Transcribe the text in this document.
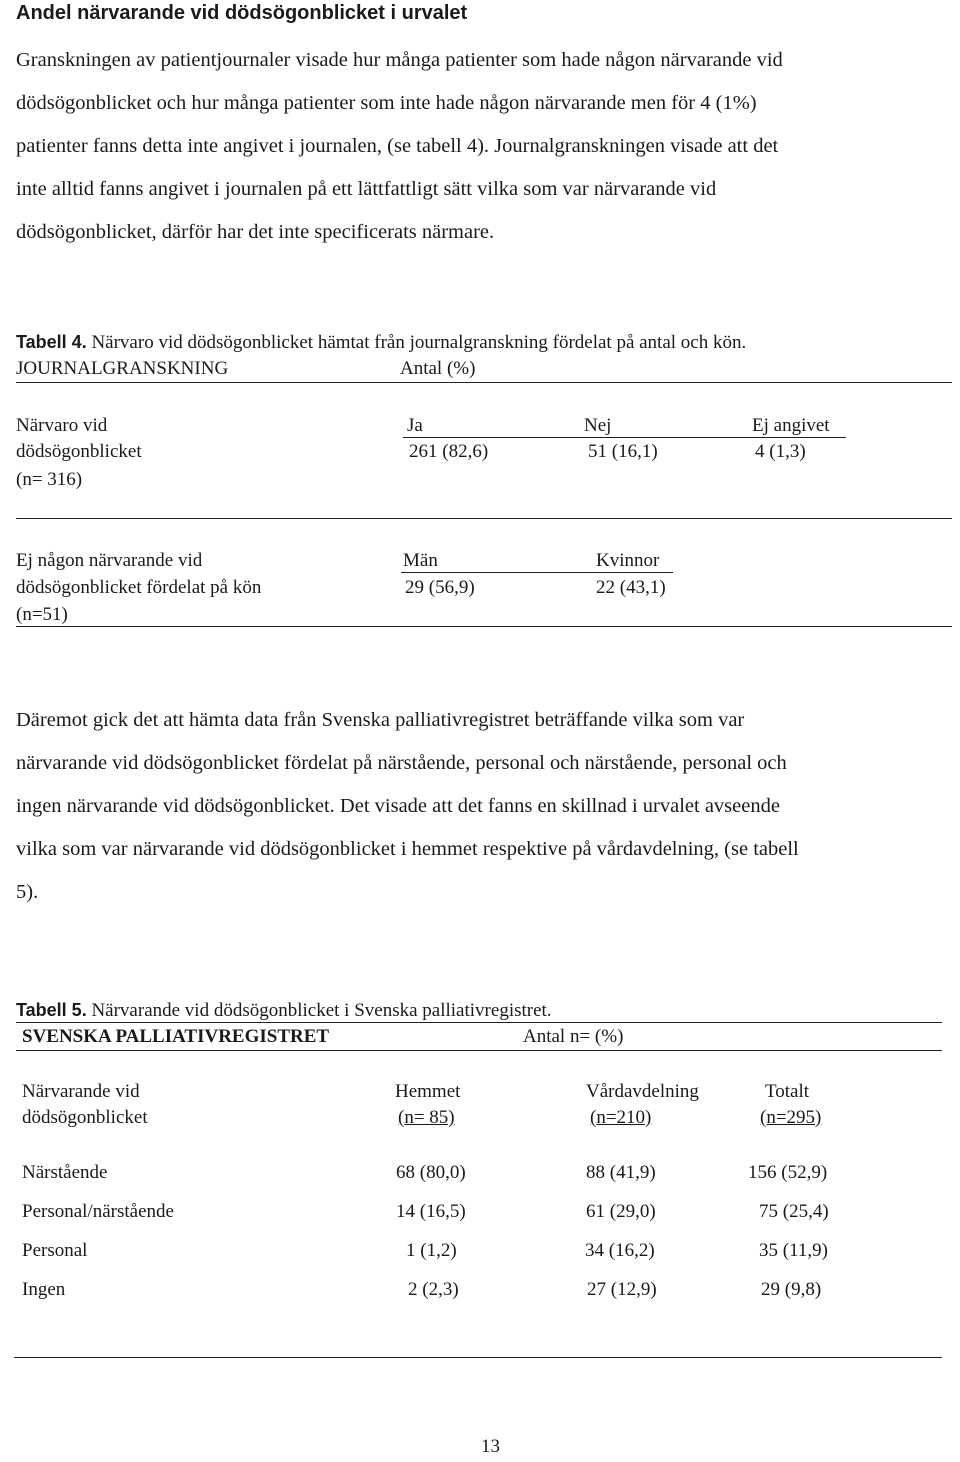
Andel närvarande vid dödsögonblicket i urvalet
Granskningen av patientjournaler visade hur många patienter som hade någon närvarande vid
dödsögonblicket och hur många patienter som inte hade någon närvarande men för 4 (1%)
patienter fanns detta inte angivet i journalen, (se tabell 4). Journalgranskningen visade att det
inte alltid fanns angivet i journalen på ett lättfattligt sätt vilka som var närvarande vid
dödsögonblicket, därför har det inte specificerats närmare.
Tabell 4. Närvaro vid dödsögonblicket hämtat från journalgranskning fördelat på antal och kön.
JOURNALGRANSKNING	Antal (%)
Närvaro vid
dödsögonblicket
(n= 316)
Ja	Nej	Ej angivet
261 (82,6)	51 (16,1)	4 (1,3)
Ej någon närvarande vid
dödsögonblicket fördelat på kön
(n=51)
Män	Kvinnor
29 (56,9)	22 (43,1)
Däremot gick det att hämta data från Svenska palliativregistret beträffande vilka som var
närvarande vid dödsögonblicket fördelat på närstående, personal och närstående, personal och
ingen närvarande vid dödsögonblicket. Det visade att det fanns en skillnad i urvalet avseende
vilka som var närvarande vid dödsögonblicket i hemmet respektive på vårdavdelning, (se tabell
5).
Tabell 5. Närvarande vid dödsögonblicket i Svenska palliativregistret.
SVENSKA PALLIATIVREGISTRET	Antal n= (%)
Närvarande vid
dödsögonblicket
Hemmet	Vårdavdelning	Totalt
(n= 85)	(n=210)	(n=295)
Närstående	68 (80,0)	88 (41,9)	156 (52,9)
Personal/närstående	14 (16,5)	61 (29,0)	75 (25,4)
Personal	1 (1,2)	34 (16,2)	35 (11,9)
Ingen	2 (2,3)	27 (12,9)	29 (9,8)
13
